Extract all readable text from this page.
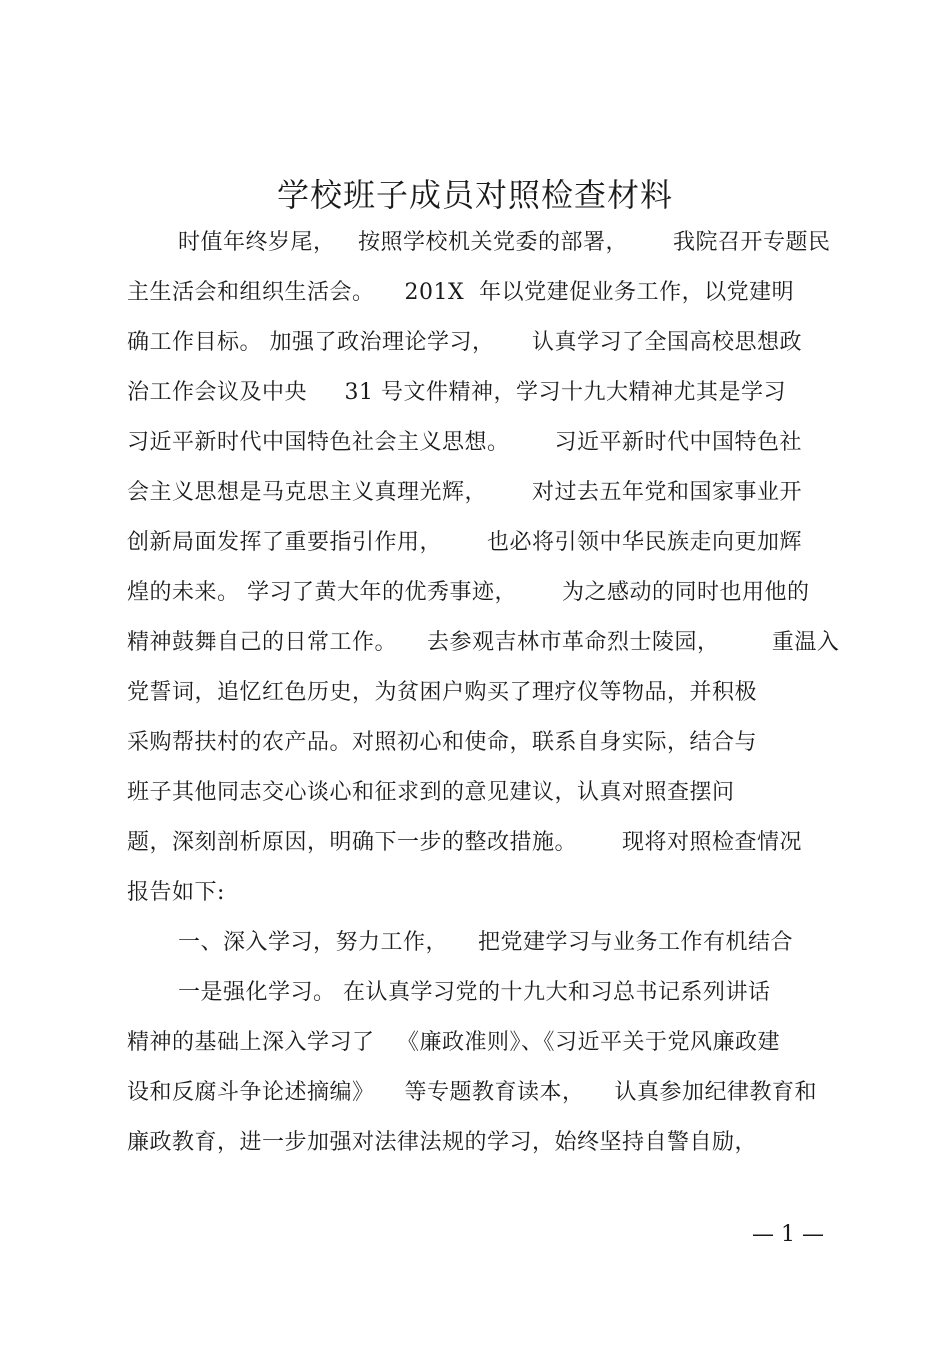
学校班子成员对照检查材料
时值年终岁尾，   按照学校机关党委的部署，      我院召开专题民
主生活会和组织生活会。    201X  年以党建促业务工作，以党建明
确工作目标。 加强了政治理论学习，     认真学习了全国高校思想政
治工作会议及中央     31 号文件精神，学习十九大精神尤其是学习
习近平新时代中国特色社会主义思想。      习近平新时代中国特色社
会主义思想是马克思主义真理光辉，      对过去五年党和国家事业开
创新局面发挥了重要指引作用，      也必将引领中华民族走向更加辉
煌的未来。 学习了黄大年的优秀事迹，      为之感动的同时也用他的
精神鼓舞自己的日常工作。    去参观吉林市革命烈士陵园，       重温入
党誓词，追忆红色历史，为贫困户购买了理疗仪等物品，并积极
采购帮扶村的农产品。对照初心和使命，联系自身实际，结合与
班子其他同志交心谈心和征求到的意见建议，认真对照查摆问
题，深刻剖析原因，明确下一步的整改措施。      现将对照检查情况
报告如下:
一、深入学习，努力工作，    把党建学习与业务工作有机结合
一是强化学习。 在认真学习党的十九大和习总书记系列讲话
精神的基础上深入学习了   《廉政准则》、《习近平关于党风廉政建
设和反腐斗争论述摘编》    等专题教育读本，    认真参加纪律教育和
廉政教育，进一步加强对法律法规的学习，始终坚持自警自励，
— 1 —
